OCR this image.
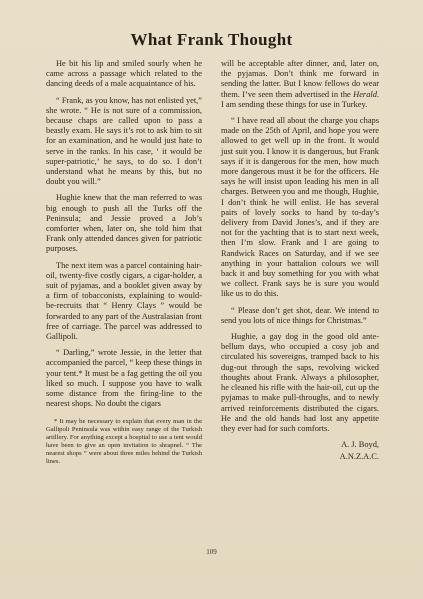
What Frank Thought

He bit his lip and smiled sourly when he came across a passage which related to the dancing deeds of a male acquaintance of his.

“ Frank, as you know, has not enlisted yet,” she wrote. “ He is not sure of a commission, because chaps are called upon to pass a beastly exam. He says it’s rot to ask him to sit for an examination, and he would just hate to serve in the ranks. In his case, ‘ it would be super-patriotic,’ he says, to do so. I don’t understand what he means by this, but no doubt you will.”

Hughie knew that the man referred to was big enough to push all the Turks off the Peninsula; and Jessie proved a Job’s comforter when, later on, she told him that Frank only attended dances given for patriotic purposes.

The next item was a parcel containing hair-oil, twenty-five costly cigars, a cigar-holder, a suit of pyjamas, and a booklet given away by a firm of tobacconists, explaining to would-be-recruits that “ Henry Clays ” would be forwarded to any part of the Australasian front free of carriage. The parcel was addressed to Gallipoli.

“ Darling,” wrote Jessie, in the letter that accompanied the parcel, “ keep these things in your tent.* It must be a fag getting the oil you liked so much. I suppose you have to walk some distance from the firing-line to the nearest shops. No doubt the cigars

* It may be necessary to explain that every man in the Gallipoli Peninsula was within easy range of the Turkish artillery. For anything except a hospital to use a tent would have been to give an open invitation to shrapnel. “ The nearest shops ” were about three miles behind the Turkish lines.

will be acceptable after dinner, and, later on, the pyjamas. Don’t think me forward in sending the latter. But I know fellows do wear them. I’ve seen them advertised in the Herald. I am sending these things for use in Turkey.

“ I have read all about the charge you chaps made on the 25th of April, and hope you were allowed to get well up in the front. It would just suit you. I know it is dangerous, but Frank says if it is dangerous for the men, how much more dangerous must it be for the officers. He says he will insist upon leading his men in all charges. Between you and me though, Hughie, I don’t think he will enlist. He has several pairs of lovely socks to hand by to-day’s delivery from David Jones’s, and if they are not for the yachting that is to start next week, then I’m slow. Frank and I are going to Randwick Races on Saturday, and if we see anything in your battalion colours we will back it and buy something for you with what we collect. Frank says he is sure you would like us to do this.

“ Please don’t get shot, dear. We intend to send you lots of nice things for Christmas.”

Hughie, a gay dog in the good old ante-bellum days, who occupied a cosy job and circulated his sovereigns, tramped back to his dug-out through the saps, revolving wicked thoughts about Frank. Always a philosopher, he cleaned his rifle with the hair-oil, cut up the pyjamas to make pull-throughs, and to newly arrived reinforcements distributed the cigars. He and the old hands had lost any appetite they ever had for such comforts.

A. J. Boyd,
A.N.Z.A.C.
109
